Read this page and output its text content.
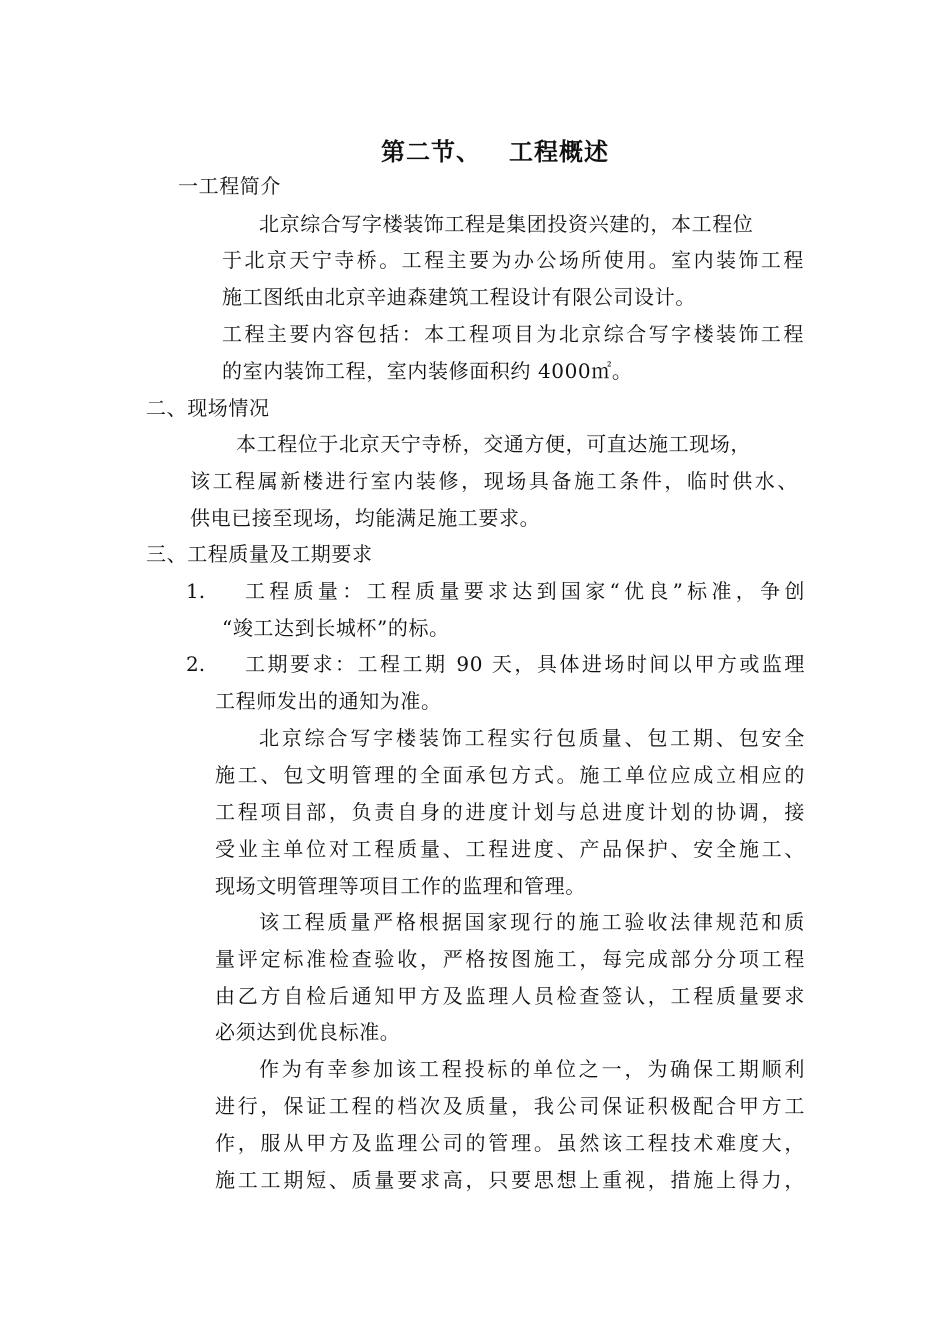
第二节、   工程概述
一工程简介
北京综合写字楼装饰工程是集团投资兴建的，本工程位
于北京天宁寺桥。工程主要为办公场所使用。室内装饰工程
施工图纸由北京辛迪森建筑工程设计有限公司设计。
工程主要内容包括：本工程项目为北京综合写字楼装饰工程
的室内装饰工程，室内装修面积约 4000㎡。
二、现场情况
本工程位于北京天宁寺桥，交通方便，可直达施工现场，
该工程属新楼进行室内装修，现场具备施工条件，临时供水、
供电已接至现场，均能满足施工要求。
三、工程质量及工期要求
1. 工程质量：工程质量要求达到国家“优良”标准，争创
“竣工达到长城杯”的标。
2. 工期要求：工程工期 90 天，具体进场时间以甲方或监理
工程师发出的通知为准。
北京综合写字楼装饰工程实行包质量、包工期、包安全
施工、包文明管理的全面承包方式。施工单位应成立相应的
工程项目部，负责自身的进度计划与总进度计划的协调，接
受业主单位对工程质量、工程进度、产品保护、安全施工、
现场文明管理等项目工作的监理和管理。
该工程质量严格根据国家现行的施工验收法律规范和质
量评定标准检查验收，严格按图施工，每完成部分分项工程
由乙方自检后通知甲方及监理人员检查签认，工程质量要求
必须达到优良标准。
作为有幸参加该工程投标的单位之一，为确保工期顺利
进行，保证工程的档次及质量，我公司保证积极配合甲方工
作，服从甲方及监理公司的管理。虽然该工程技术难度大，
施工工期短、质量要求高，只要思想上重视，措施上得力，
